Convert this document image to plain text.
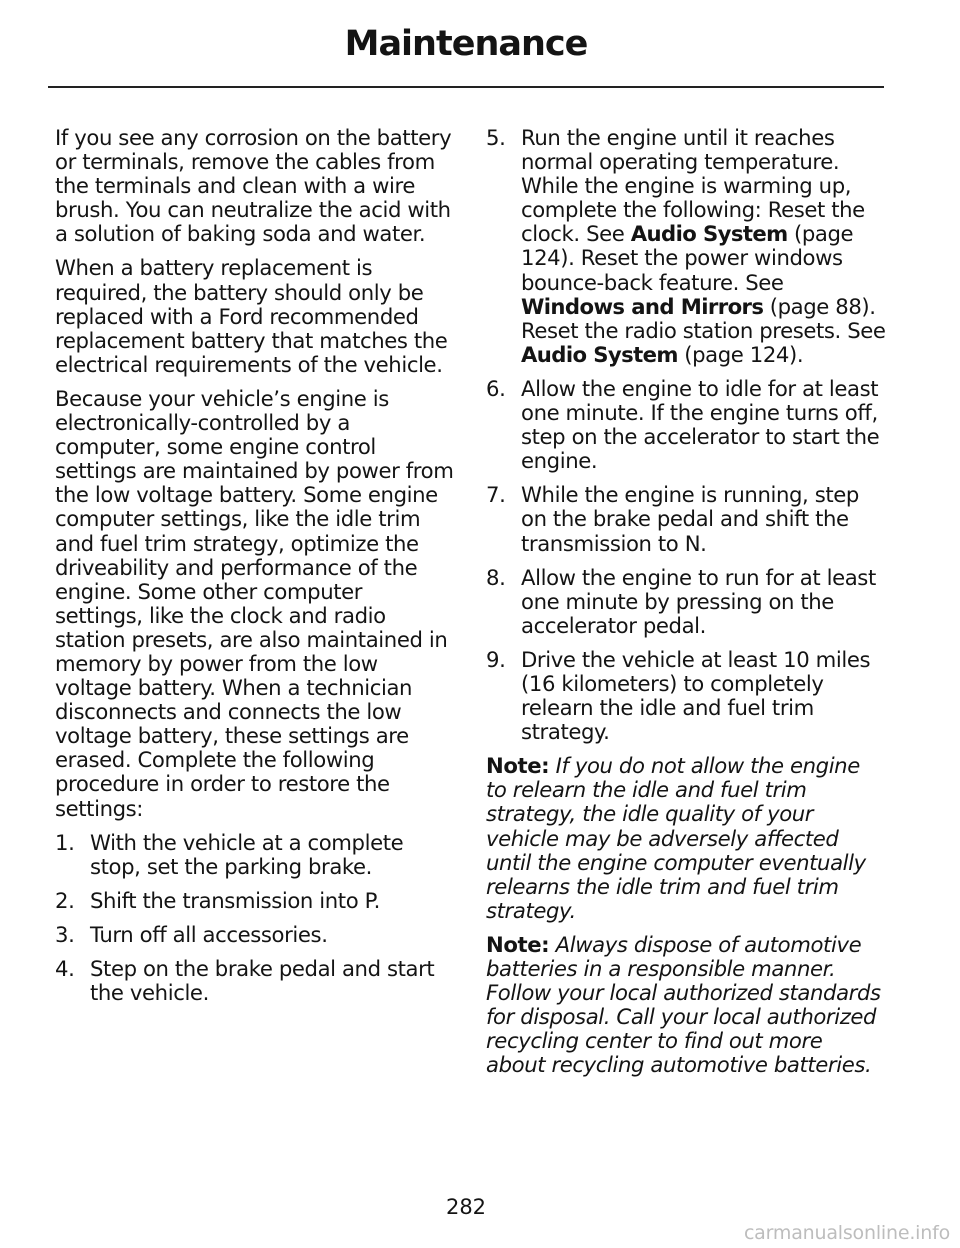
Maintenance

If you see any corrosion on the battery or terminals, remove the cables from the terminals and clean with a wire brush. You can neutralize the acid with a solution of baking soda and water.

When a battery replacement is required, the battery should only be replaced with a Ford recommended replacement battery that matches the electrical requirements of the vehicle.

Because your vehicle’s engine is electronically-controlled by a computer, some engine control settings are maintained by power from the low voltage battery. Some engine computer settings, like the idle trim and fuel trim strategy, optimize the driveability and performance of the engine. Some other computer settings, like the clock and radio station presets, are also maintained in memory by power from the low voltage battery. When a technician disconnects and connects the low voltage battery, these settings are erased. Complete the following procedure in order to restore the settings:

1. With the vehicle at a complete stop, set the parking brake.
2. Shift the transmission into P.
3. Turn off all accessories.
4. Step on the brake pedal and start the vehicle.
5. Run the engine until it reaches normal operating temperature. While the engine is warming up, complete the following: Reset the clock. See Audio System (page 124). Reset the power windows bounce-back feature. See Windows and Mirrors (page 88). Reset the radio station presets. See Audio System (page 124).
6. Allow the engine to idle for at least one minute. If the engine turns off, step on the accelerator to start the engine.
7. While the engine is running, step on the brake pedal and shift the transmission to N.
8. Allow the engine to run for at least one minute by pressing on the accelerator pedal.
9. Drive the vehicle at least 10 miles (16 kilometers) to completely relearn the idle and fuel trim strategy.

Note: If you do not allow the engine to relearn the idle and fuel trim strategy, the idle quality of your vehicle may be adversely affected until the engine computer eventually relearns the idle trim and fuel trim strategy.

Note: Always dispose of automotive batteries in a responsible manner. Follow your local authorized standards for disposal. Call your local authorized recycling center to find out more about recycling automotive batteries.

282
carmanualsonline.info
